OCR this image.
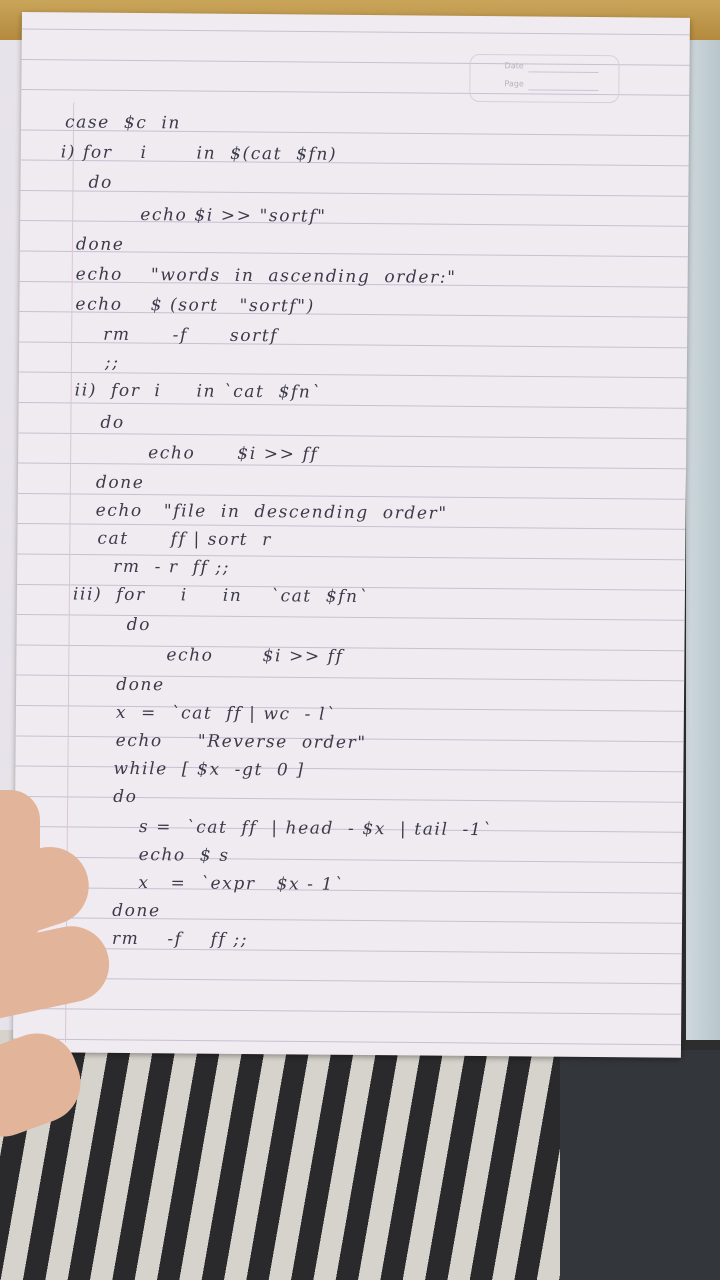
Date
Page
case  $c  in
i) for    i       in  $(cat  $fn)
do
echo $i >> "sortf"
done
echo    "words  in  ascending  order:"
echo    $ (sort   "sortf")
rm      -f      sortf
;;
ii)  for  i     in `cat  $fn`
do
echo      $i >> ff
done
echo   "file  in  descending  order"
cat      ff | sort  r
rm  - r  ff ;;
iii)  for     i     in    `cat  $fn`
do
echo       $i >> ff
done
x  =  `cat  ff | wc  - l`
echo     "Reverse  order"
while  [ $x  -gt  0 ]
do
s =  `cat  ff  | head  - $x  | tail  -1`
echo  $ s
x   =  `expr   $x - 1`
done
rm    -f    ff ;;
